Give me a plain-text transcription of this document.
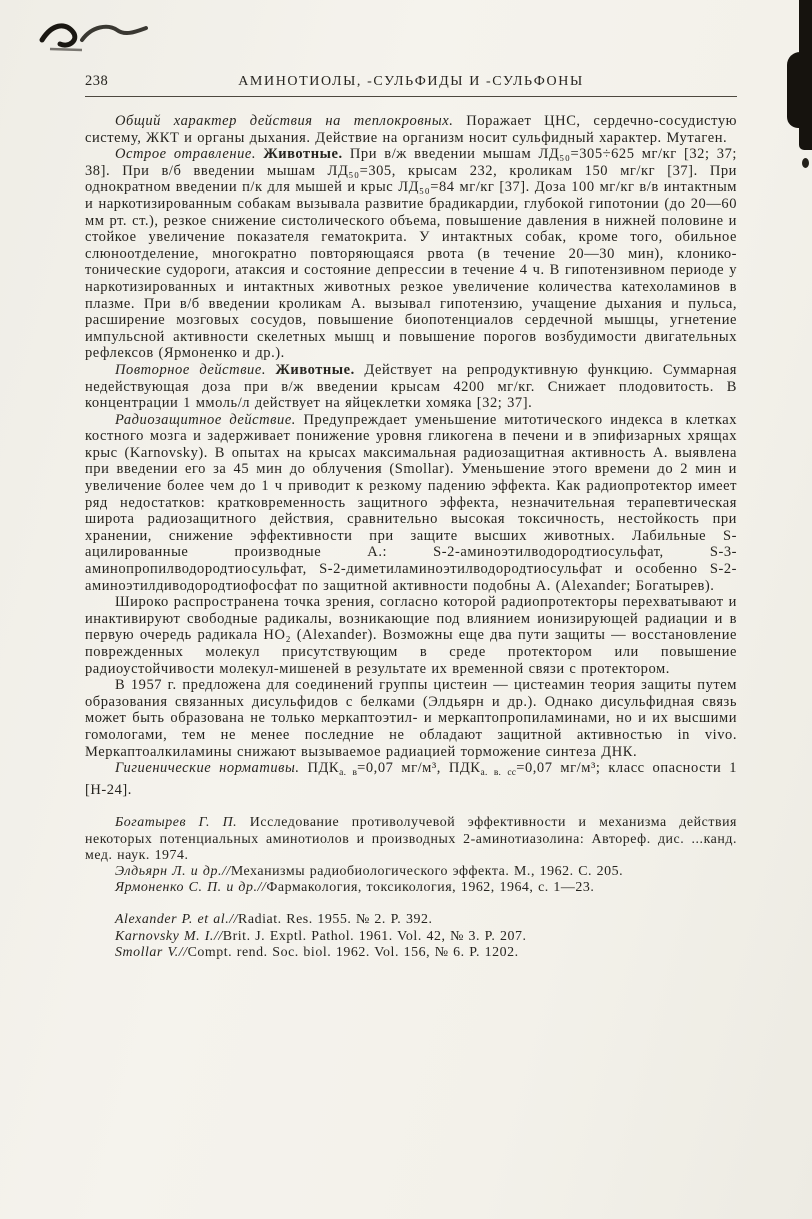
238	АМИНОТИОЛЫ, -СУЛЬФИДЫ И -СУЛЬФОНЫ

Общий характер действия на теплокровных. Поражает ЦНС, сердечно-сосудистую систему, ЖКТ и органы дыхания. Действие на организм носит сульфидный характер. Мутаген.

Острое отравление. Животные. При в/ж введении мышам ЛД₅₀=305÷625 мг/кг [32; 37; 38]. При в/б введении мышам ЛД₅₀=305, крысам 232, кроликам 150 мг/кг [37]. При однократном введении п/к для мышей и крыс ЛД₅₀=84 мг/кг [37]. Доза 100 мг/кг в/в интактным и наркотизированным собакам вызывала развитие брадикардии, глубокой гипотонии (до 20—60 мм рт. ст.), резкое снижение систолического объема, повышение давления в нижней половине и стойкое увеличение показателя гематокрита. У интактных собак, кроме того, обильное слюноотделение, многократно повторяющаяся рвота (в течение 20—30 мин), клонико-тонические судороги, атаксия и состояние депрессии в течение 4 ч. В гипотензивном периоде у наркотизированных и интактных животных резкое увеличение количества катехоламинов в плазме. При в/б введении кроликам А. вызывал гипотензию, учащение дыхания и пульса, расширение мозговых сосудов, повышение биопотенциалов сердечной мышцы, угнетение импульсной активности скелетных мышц и повышение порогов возбудимости двигательных рефлексов (Ярмоненко и др.).

Повторное действие. Животные. Действует на репродуктивную функцию. Суммарная недействующая доза при в/ж введении крысам 4200 мг/кг. Снижает плодовитость. В концентрации 1 ммоль/л действует на яйцеклетки хомяка [32; 37].

Радиозащитное действие. Предупреждает уменьшение митотического индекса в клетках костного мозга и задерживает понижение уровня гликогена в печени и в эпифизарных хрящах крыс (Karnovsky). В опытах на крысах максимальная радиозащитная активность А. выявлена при введении его за 45 мин до облучения (Smollar). Уменьшение этого времени до 2 мин и увеличение более чем до 1 ч приводит к резкому падению эффекта. Как радиопротектор имеет ряд недостатков: кратковременность защитного эффекта, незначительная терапевтическая широта радиозащитного действия, сравнительно высокая токсичность, нестойкость при хранении, снижение эффективности при защите высших животных. Лабильные S-ацилированные производные А.: S-2-аминоэтилводородтиосульфат, S-3-аминопропилводородтиосульфат, S-2-диметиламиноэтилводородтиосульфат и особенно S-2-аминоэтилдиводородтиофосфат по защитной активности подобны А. (Alexander; Богатырев).

Широко распространена точка зрения, согласно которой радиопротекторы перехватывают и инактивируют свободные радикалы, возникающие под влиянием ионизирующей радиации и в первую очередь радикала НО₂ (Alexander). Возможны еще два пути защиты — восстановление поврежденных молекул присутствующим в среде протектором или повышение радиоустойчивости молекул-мишеней в результате их временной связи с протектором.

В 1957 г. предложена для соединений группы цистеин — цистеамин теория защиты путем образования связанных дисульфидов с белками (Элдьярн и др.). Однако дисульфидная связь может быть образована не только меркаптоэтил- и меркаптопропиламинами, но и их высшими гомологами, тем не менее последние не обладают защитной активностью in vivo. Меркаптоалкиламины снижают вызываемое радиацией торможение синтеза ДНК.

Гигиенические нормативы. $ПДК_{а. в}=0,07$ мг/м³, $ПДК_{а. в. сс}=0,07$ мг/м³; класс опасности 1 [Н-24].

Богатырев Г. П. Исследование противолучевой эффективности и механизма действия некоторых потенциальных аминотиолов и производных 2-аминотиазолина: Автореф. дис. ...канд. мед. наук. 1974.

Элдьярн Л. и др.//Механизмы радиобиологического эффекта. М., 1962. С. 205.

Ярмоненко С. П. и др.//Фармакология, токсикология, 1962, 1964, с. 1—23.

Alexander P. et al.//Radiat. Res. 1955. № 2. P. 392.

Karnovsky M. I.//Brit. J. Exptl. Pathol. 1961. Vol. 42, № 3. P. 207.

Smollar V.//Compt. rend. Soc. biol. 1962. Vol. 156, № 6. P. 1202.
